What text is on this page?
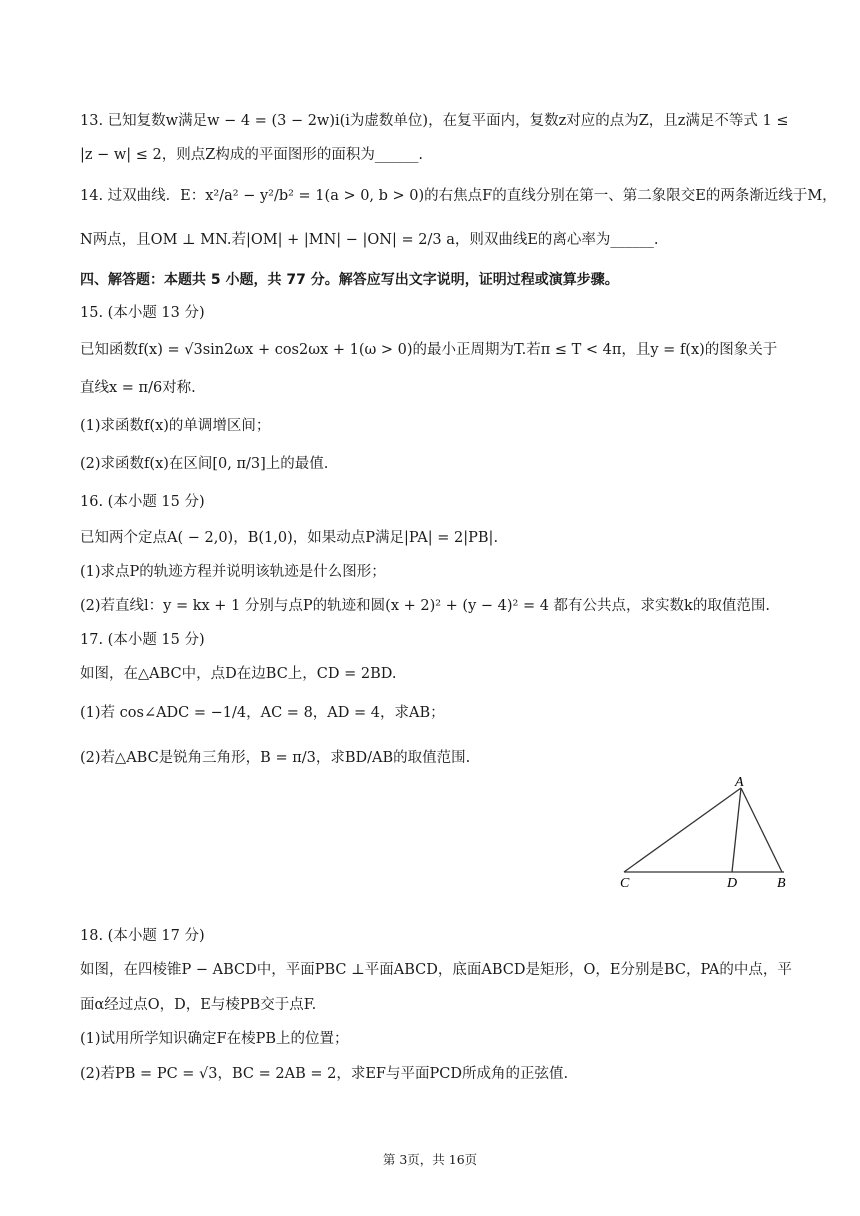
13. 已知复数w满足w − 4 = (3 − 2w)i(i为虚数单位)，在复平面内，复数z对应的点为Z，且z满足不等式 1 ≤
|z − w| ≤ 2，则点Z构成的平面图形的面积为______.
14. 过双曲线．E：x²/a² − y²/b² = 1(a > 0, b > 0)的右焦点F的直线分别在第一、第二象限交E的两条渐近线于M，
N两点，且OM ⊥ MN.若|OM| + |MN| − |ON| = 2/3 a，则双曲线E的离心率为______.
四、解答题：本题共 5 小题，共 77 分。解答应写出文字说明，证明过程或演算步骤。
15. (本小题 13 分)
已知函数f(x) = √3sin2ωx + cos2ωx + 1(ω > 0)的最小正周期为T.若π ≤ T < 4π，且y = f(x)的图象关于
直线x = π/6对称.
(1)求函数f(x)的单调增区间；
(2)求函数f(x)在区间[0, π/3]上的最值.
16. (本小题 15 分)
已知两个定点A( − 2,0)，B(1,0)，如果动点P满足|PA| = 2|PB|.
(1)求点P的轨迹方程并说明该轨迹是什么图形；
(2)若直线l：y = kx + 1 分别与点P的轨迹和圆(x + 2)² + (y − 4)² = 4 都有公共点，求实数k的取值范围.
17. (本小题 15 分)
如图，在△ABC中，点D在边BC上，CD = 2BD.
(1)若 cos∠ADC = −1/4，AC = 8，AD = 4，求AB；
(2)若△ABC是锐角三角形，B = π/3，求BD/AB的取值范围.
A
C	D	B
18. (本小题 17 分)
如图，在四棱锥P − ABCD中，平面PBC ⊥平面ABCD，底面ABCD是矩形，O，E分别是BC，PA的中点，平
面α经过点O，D，E与棱PB交于点F.
(1)试用所学知识确定F在棱PB上的位置；
(2)若PB = PC = √3，BC = 2AB = 2，求EF与平面PCD所成角的正弦值.
第 3页，共 16页
